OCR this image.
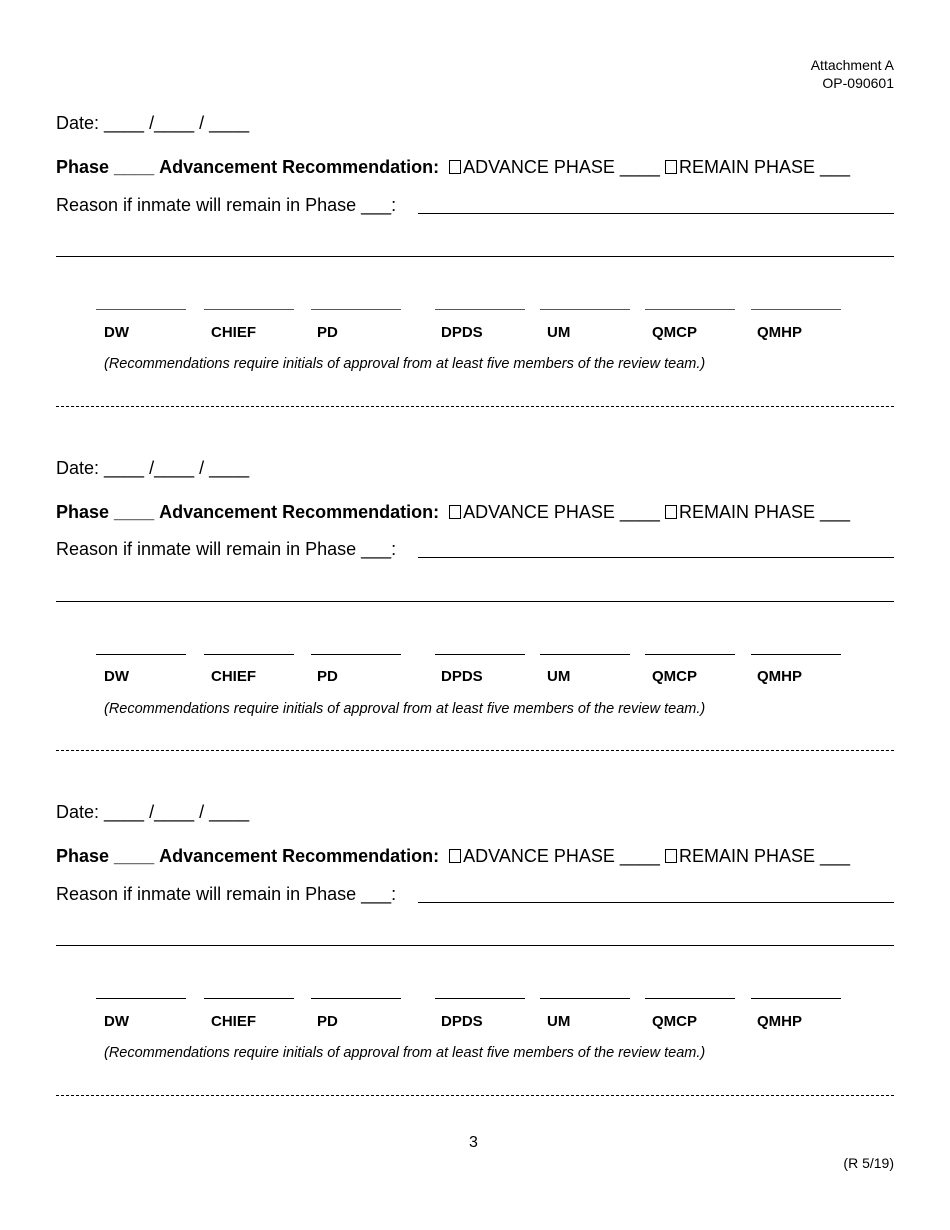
Attachment A
OP-090601
Date: ____ /____ / ____
Phase ____ Advancement Recommendation: ADVANCE PHASE ____ REMAIN PHASE ___
Reason if inmate will remain in Phase ___:
DW	CHIEF	PD	DPDS	UM	QMCP	QMHP
(Recommendations require initials of approval from at least five members of the review team.)
Date: ____ /____ / ____
Phase ____ Advancement Recommendation: ADVANCE PHASE ____ REMAIN PHASE ___
Reason if inmate will remain in Phase ___:
DW	CHIEF	PD	DPDS	UM	QMCP	QMHP
(Recommendations require initials of approval from at least five members of the review team.)
Date: ____ /____ / ____
Phase ____ Advancement Recommendation: ADVANCE PHASE ____ REMAIN PHASE ___
Reason if inmate will remain in Phase ___:
DW	CHIEF	PD	DPDS	UM	QMCP	QMHP
(Recommendations require initials of approval from at least five members of the review team.)
3
(R 5/19)
